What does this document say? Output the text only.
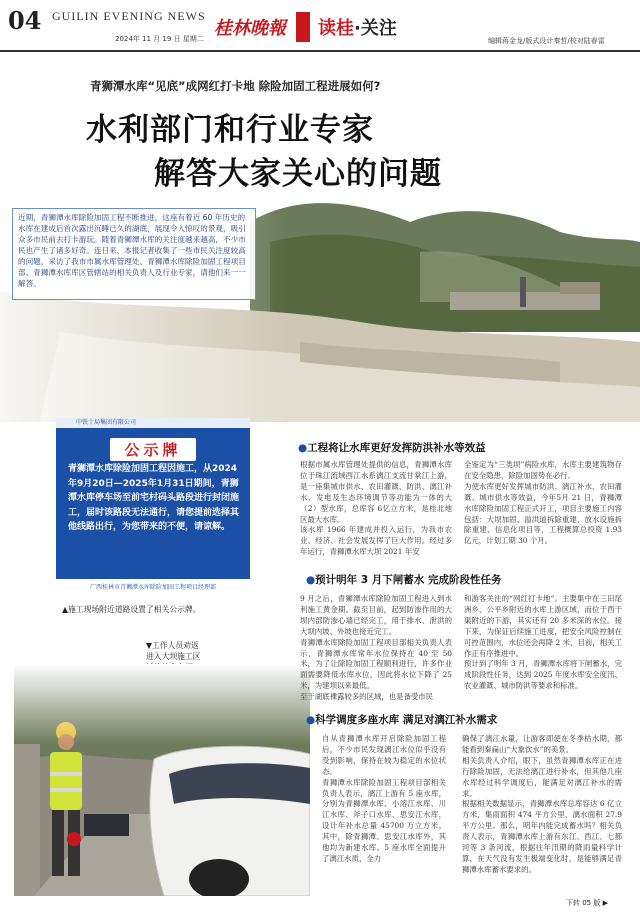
04 GUILIN EVENING NEWS
2024年 11 月 19 日 星期二 桂林晚報 读桂·关注
编辑蒋金龙/版式设计秦哲/校对陆春雷
青狮潭水库“见底”成网红打卡地 除险加固工程进展如何?
水利部门和行业专家
解答大家关心的问题
近期，青狮潭水库除险加固工程不断推进，这座有着近 60 年历史的水库在建成后首次露出沉睡已久的湖底，展现令人惊叹的景观，吸引众多市民前去打卡游玩。随着青狮潭水库的关注度越来越高，不少市民也产生了诸多好奇。连日来，本报记者收集了一些市民关注度较高的问题，采访了我市市属水库管理处、青狮潭水库除险加固工程项目部、青狮潭水库库区管辖站的相关负责人及行业专家，请他们来一一解答。
中铁十局集团有限公司
公示牌
青狮潭水库除险加固工程因施工，从2024年9月20日—2025年1月31日期间，青狮潭水库停车场至前宅村码头路段进行封闭施工，届时该路段无法通行，请您提前选择其他线路出行，为您带来的不便，请谅解。
广西桂林市青狮潭水库除险加固工程项目经理部
▲施工现场附近道路设置了相关公示牌。
▼工作人员劝返进入大坝施工区
●工程将让水库更好发挥防洪补水等效益
根据市属水库管理处提供的信息，青狮潭水库位于珠江流域西江水系漓江支流甘棠江上游，是一座集城市供水、农田灌溉、防洪、漓江补水、发电及生态环境调节等功能为一体的大（2）型水库，总库容 6亿立方米，是桂北地区最大水库。
该水库 1966 年建成并投入运行，为我市农业、经济、社会发展发挥了巨大作用。经过多年运行，青狮潭水库大坝 2021 年安
全鉴定为“三类坝”病险水库，水库主要建筑物存在安全隐患，除险加固势在必行。
为使水库更好发挥城市防洪、漓江补水、农田灌溉、城市供水等效益，今年5月 21 日，青狮潭水库除险加固工程正式开工，项目主要施工内容包括：大坝加固、溢洪道拆除重建、放水设施拆除重建、信息化项目等，工程概算总投资 1.93 亿元，计划工期 30 个月。
●预计明年 3 月下闸蓄水 完成阶段性任务
9 月之后，青狮潭水库除险加固工程进入到水利施工黄金期。截至目前，起到防渗作用的大坝内部防渗心墙已经完工，用于排水、泄洪的大坝内坡、外坡也接近完工。
青狮潭水库除险加固工程项目部相关负责人表示，青狮潭水库常年水位保持在 40 至 50 米，为了让除险加固工程顺利进行，许多作业面需要降低水库水位，因此将水位下降了 25 米，为建坝以来最低。
至于湖底裸露较多的区域，也是备受市民
和游客关注的“网红打卡地”。主要集中在三田尾洲乡、公平乡附近的水库上游区域，而位于西干渠附近的下游，其实还有 20 多米深的水位。接下来，为保证后续施工进度，把安全风险控制在可控范围内，水位还会再降 2 米，目前，相关工作正有序推进中。
预计到了明年 3 月，青狮潭水库将下闸蓄水，完成阶段性任务，达到 2025 年度水库安全度汛、农业灌溉、城市防洪等要求和标准。
●科学调度多座水库 满足对漓江补水需求
自从青狮潭水库开启除险加固工程后，不少市民发现漓江水位似乎没有受到影响，保持在较为稳定的水位状态。
青狮潭水库除险加固工程项目部相关负责人表示，漓江上游有 5 座水库，分别为青狮潭水库、小溶江水库、川江水库、斧子口水库、思安江水库，设计年补水总量 45700 万立方米。其中，除青狮潭、思安江水库外，其他均为新建水库。5 座水库全面提升了漓江水质，全力
确保了漓江水量，让游客即使在冬季枯水期，都能看到秦扁山“大象饮水”的美景。
相关负责人介绍，眼下，虽然青狮潭水库正在进行除险加固，无法给漓江进行补水，但其他几座水库经过科学调度后，能满足对漓江补水的需求。
根据相关数据显示，青狮潭水库总库容达 6 亿立方米，集雨面积 474 平方公里，漓水面积 27.9 平方公里。那么，明年内能完成蓄水吗？相关负责人表示，青狮潭水库上游有东江、西江、七都河等 3 条河流，根据往年汛期的降雨量科学计算，在天气没有发生极端变化时，是能够满足青狮潭水库蓄水要求的。
下转 05 版 ▶
